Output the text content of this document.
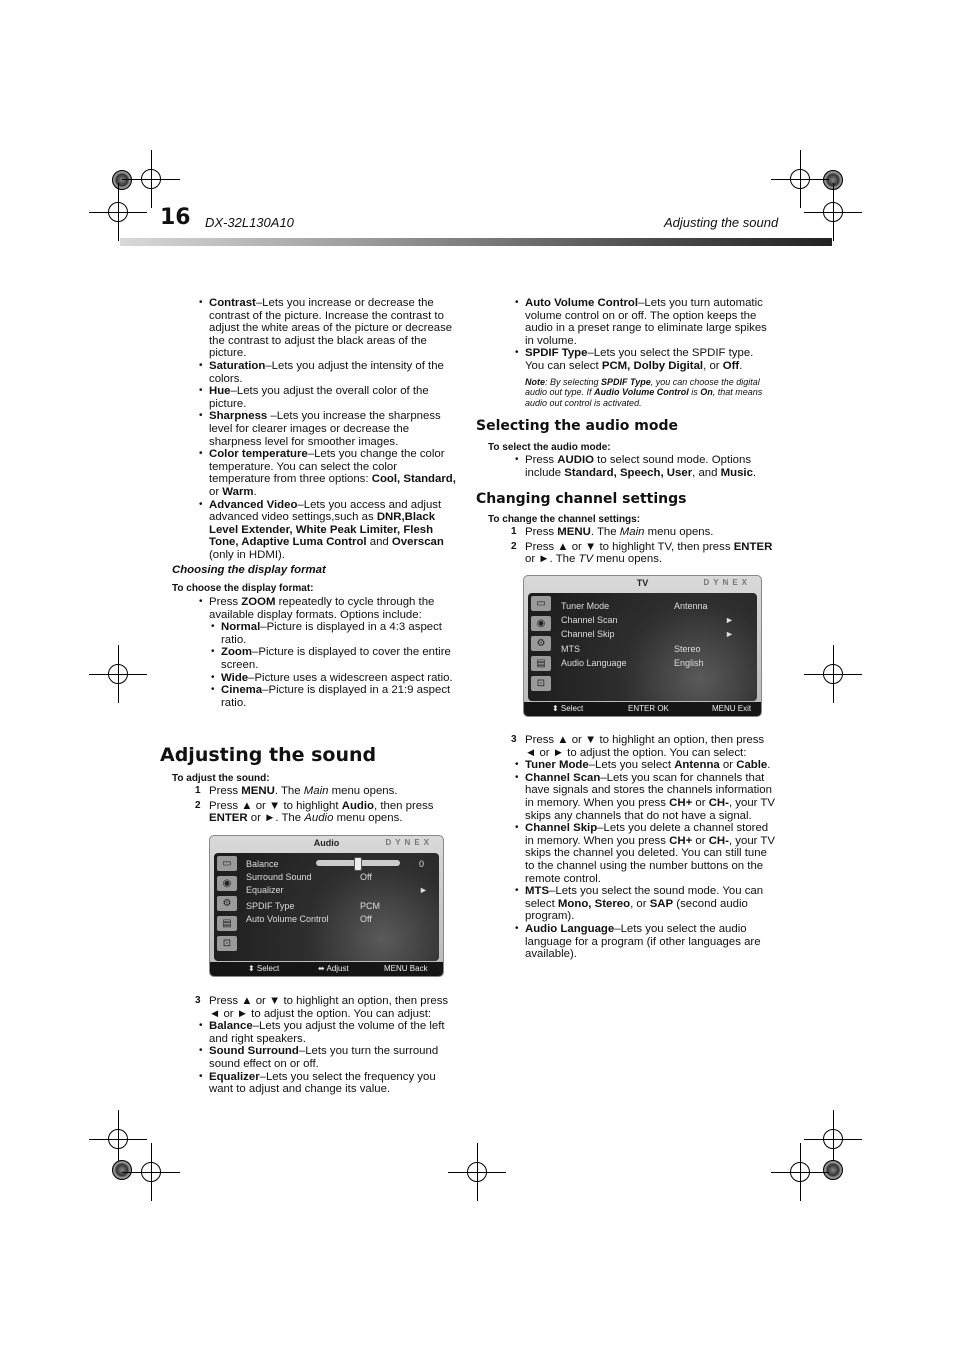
16 DX-32L130A10	Adjusting the sound
• Contrast–Lets you increase or decrease the contrast of the picture. Increase the contrast to adjust the white areas of the picture or decrease the contrast to adjust the black areas of the picture.
• Saturation–Lets you adjust the intensity of the colors.
• Hue–Lets you adjust the overall color of the picture.
• Sharpness –Lets you increase the sharpness level for clearer images or decrease the sharpness level for smoother images.
• Color temperature–Lets you change the color temperature. You can select the color temperature from three options: Cool, Standard, or Warm.
• Advanced Video–Lets you access and adjust advanced video settings,such as DNR,Black Level Extender, White Peak Limiter, Flesh Tone, Adaptive Luma Control and Overscan (only in HDMI).
Choosing the display format
To choose the display format:
• Press ZOOM repeatedly to cycle through the available display formats. Options include:
• Normal–Picture is displayed in a 4:3 aspect ratio.
• Zoom–Picture is displayed to cover the entire screen.
• Wide–Picture uses a widescreen aspect ratio.
• Cinema–Picture is displayed in a 21:9 aspect ratio.
Adjusting the sound
To adjust the sound:
1 Press MENU. The Main menu opens.
2 Press ▲ or ▼ to highlight Audio, then press ENTER or ►. The Audio menu opens.
Audio	DYNEX
▭
◉
⚙
▤
⊡
Balance	0
Surround Sound	Off
Equalizer	►
SPDIF Type	PCM
Auto Volume Control	Off
⬍ Select	⬌ Adjust	MENU Back
3 Press ▲ or ▼ to highlight an option, then press ◄ or ► to adjust the option. You can adjust:
• Balance–Lets you adjust the volume of the left and right speakers.
• Sound Surround–Lets you turn the surround sound effect on or off.
• Equalizer–Lets you select the frequency you want to adjust and change its value.
• Auto Volume Control–Lets you turn automatic volume control on or off. The option keeps the audio in a preset range to eliminate large spikes in volume.
• SPDIF Type–Lets you select the SPDIF type. You can select PCM, Dolby Digital, or Off.

Note: By selecting SPDIF Type, you can choose the digital audio out type. If Audio Volume Control is On, that means audio out control is activated.

Selecting the audio mode
To select the audio mode:
• Press AUDIO to select sound mode. Options include Standard, Speech, User, and Music.
Changing channel settings
To change the channel settings:
1 Press MENU. The Main menu opens.
2 Press ▲ or ▼ to highlight TV, then press ENTER or ►. The TV menu opens.
TV	DYNEX
▭
◉
⚙
▤
⊡
Tuner Mode	Antenna
Channel Scan	►
Channel Skip	►
MTS	Stereo
Audio Language	English
⬍ Select	ENTER OK	MENU Exit
3 Press ▲ or ▼ to highlight an option, then press ◄ or ► to adjust the option. You can select:
• Tuner Mode–Lets you select Antenna or Cable.
• Channel Scan–Lets you scan for channels that have signals and stores the channels information in memory. When you press CH+ or CH-, your TV skips any channels that do not have a signal.
• Channel Skip–Lets you delete a channel stored in memory. When you press CH+ or CH-, your TV skips the channel you deleted. You can still tune to the channel using the number buttons on the remote control.
• MTS–Lets you select the sound mode. You can select Mono, Stereo, or SAP (second audio program).
• Audio Language–Lets you select the audio language for a program (if other languages are available).
